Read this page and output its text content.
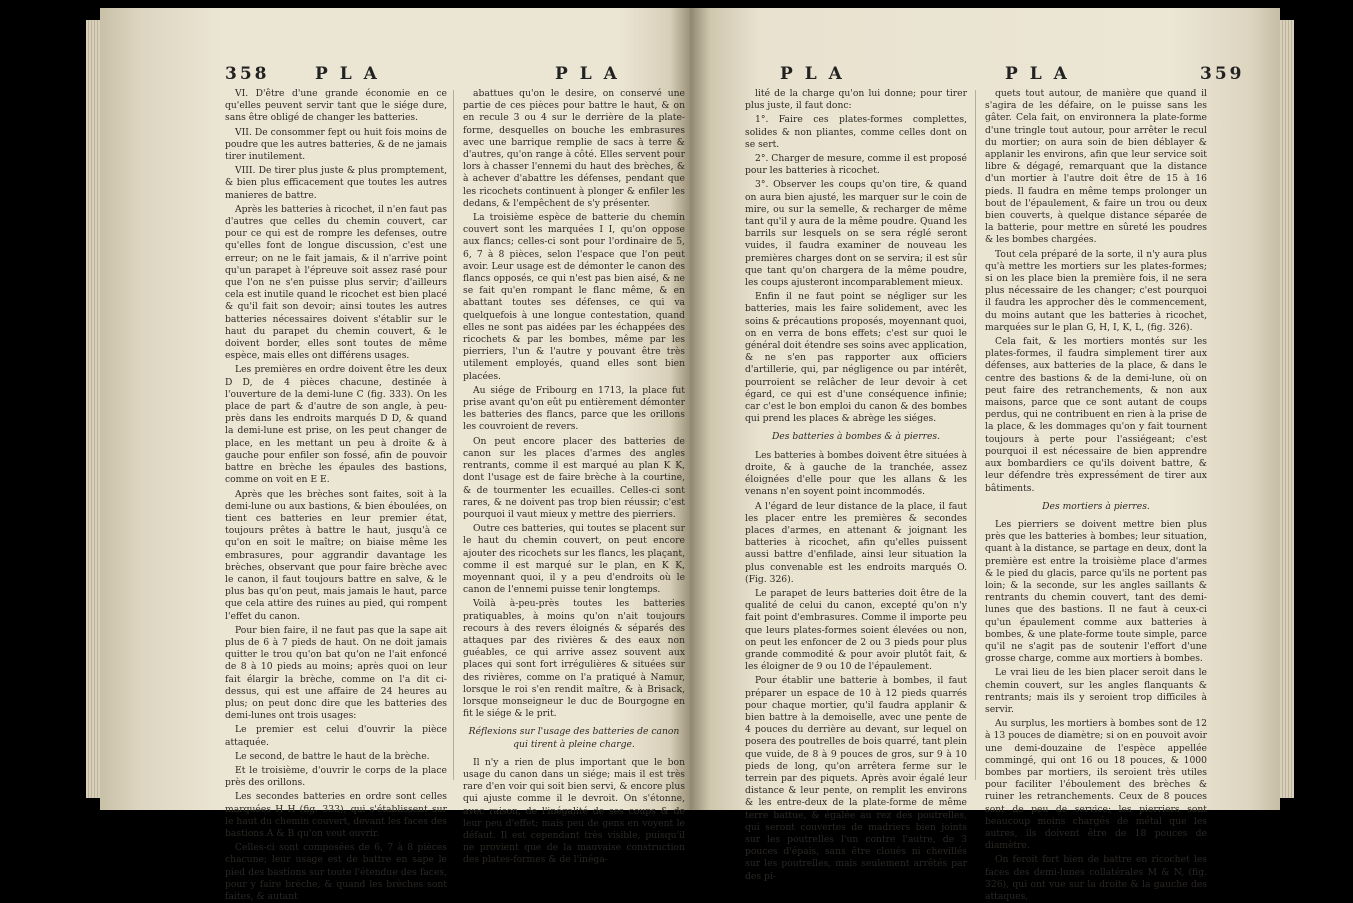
358	P L A	P L A

VI. D'être d'une grande économie en ce qu'elles peuvent servir tant que le siége dure, sans être obligé de changer les batteries.

VII. De consommer fept ou huit fois moins de poudre que les autres batteries, & de ne jamais tirer inutilement.

VIII. De tirer plus juste & plus promptement, & bien plus efficacement que toutes les autres manieres de battre.

Après les batteries à ricochet, il n'en faut pas d'autres que celles du chemin couvert, car pour ce qui est de rompre les defenses, outre qu'elles font de longue discussion, c'est une erreur; on ne le fait jamais, & il n'arrive point qu'un parapet à l'épreuve soit assez rasé pour que l'on ne s'en puisse plus servir; d'ailleurs cela est inutile quand le ricochet est bien placé & qu'il fait son devoir; ainsi toutes les autres batteries nécessaires doivent s'établir sur le haut du parapet du chemin couvert, & le doivent border, elles sont toutes de même espèce, mais elles ont différens usages.

Les premières en ordre doivent être les deux D D, de 4 pièces chacune, destinée à l'ouverture de la demi-lune C (fig. 333). On les place de part & d'autre de son angle, à peu-près dans les endroits marqués D D, & quand la demi-lune est prise, on les peut changer de place, en les mettant un peu à droite & à gauche pour enfiler son fossé, afin de pouvoir battre en brèche les épaules des bastions, comme on voit en E E.

Après que les brèches sont faites, soit à la demi-lune ou aux bastions, & bien éboulées, on tient ces batteries en leur premier état, toujours prêtes à battre le haut, jusqu'à ce qu'on en soit le maître; on biaise même les embrasures, pour aggrandir davantage les brèches, observant que pour faire brèche avec le canon, il faut toujours battre en salve, & le plus bas qu'on peut, mais jamais le haut, parce que cela attire des ruines au pied, qui rompent l'effet du canon.

Pour bien faire, il ne faut pas que la sape ait plus de 6 à 7 pieds de haut. On ne doit jamais quitter le trou qu'on bat qu'on ne l'ait enfoncé de 8 à 10 pieds au moins; après quoi on leur fait élargir la brèche, comme on l'a dit ci-dessus, qui est une affaire de 24 heures au plus; on peut donc dire que les batteries des demi-lunes ont trois usages:

Le premier est celui d'ouvrir la pièce attaquée.

Le second, de battre le haut de la brèche.

Et le troisième, d'ouvrir le corps de la place près des orillons.

Les secondes batteries en ordre sont celles marquées H H (fig. 333), qui s'établissent sur le haut du chemin couvert, devant les faces des bastions A & B qu'on veut ouvrir.

Celles-ci sont composées de 6, 7 à 8 pièces chacune; leur usage est de battre en sape le pied des bastions sur toute l'étendue des faces, pour y faire brèche, & quand les brèches sont faites, & autant

abattues qu'on le desire, on conservé une partie de ces pièces pour battre le haut, & on en recule 3 ou 4 sur le derrière de la plate-forme, desquelles on bouche les embrasures avec une barrique remplie de sacs à terre & d'autres, qu'on range à côté. Elles servent pour lors à chasser l'ennemi du haut des brèches, & à achever d'abattre les défenses, pendant que les ricochets continuent à plonger & enfiler les dedans, & l'empêchent de s'y présenter.

La troisième espèce de batterie du chemin couvert sont les marquées I I, qu'on oppose aux flancs; celles-ci sont pour l'ordinaire de 5, 6, 7 à 8 pièces, selon l'espace que l'on peut avoir. Leur usage est de démonter le canon des flancs opposés, ce qui n'est pas bien aisé, & ne se fait qu'en rompant le flanc même, & en abattant toutes ses défenses, ce qui va quelquefois à une longue contestation, quand elles ne sont pas aidées par les échappées des ricochets & par les bombes, même par les pierriers, l'un & l'autre y pouvant être très utilement employés, quand elles sont bien placées.

Au siége de Fribourg en 1713, la place fut prise avant qu'on eût pu entièrement démonter les batteries des flancs, parce que les orillons les couvroient de revers.

On peut encore placer des batteries de canon sur les places d'armes des angles rentrants, comme il est marqué au plan K K, dont l'usage est de faire brèche à la courtine, & de tourmenter les ecuailles. Celles-ci sont rares, & ne doivent pas trop bien réussir; c'est pourquoi il vaut mieux y mettre des pierriers.

Outre ces batteries, qui toutes se placent sur le haut du chemin couvert, on peut encore ajouter des ricochets sur les flancs, les plaçant, comme il est marqué sur le plan, en K K, moyennant quoi, il y a peu d'endroits où le canon de l'ennemi puisse tenir longtemps.

Voilà à-peu-près toutes les batteries pratiquables, à moins qu'on n'ait toujours recours à des revers éloignés & séparés des attaques par des rivières & des eaux non guéables, ce qui arrive assez souvent aux places qui sont fort irrégulières & situées sur des rivières, comme on l'a pratiqué à Namur, lorsque le roi s'en rendit maître, & à Brisack, lorsque monseigneur le duc de Bourgogne en fit le siége & le prit.

Réflexions sur l'usage des batteries de canon qui tirent à pleine charge.

Il n'y a rien de plus important que le bon usage du canon dans un siége; mais il est très rare d'en voir qui soit bien servi, & encore plus qui ajuste comme il le devroit. On s'étonne, avec raison, de l'inégalité de ses coups & de leur peu d'effet; mais peu de gens en voyent le défaut. Il est cependant très visible, puisqu'il ne provient que de la mauvaise construction des plates-formes & de l'inéga-

P L A	P L A	359

lité de la charge qu'on lui donne; pour tirer plus juste, il faut donc:

1°. Faire ces plates-formes complettes, solides & non pliantes, comme celles dont on se sert.

2°. Charger de mesure, comme il est proposé pour les batteries à ricochet.

3°. Observer les coups qu'on tire, & quand on aura bien ajusté, les marquer sur le coin de mire, ou sur la semelle, & recharger de même tant qu'il y aura de la même poudre. Quand les barrils sur lesquels on se sera réglé seront vuides, il faudra examiner de nouveau les premières charges dont on se servira; il est sûr que tant qu'on chargera de la même poudre, les coups ajusteront incomparablement mieux.

Enfin il ne faut point se négliger sur les batteries, mais les faire solidement, avec les soins & précautions proposés, moyennant quoi, on en verra de bons effets; c'est sur quoi le général doit étendre ses soins avec application, & ne s'en pas rapporter aux officiers d'artillerie, qui, par négligence ou par intérêt, pourroient se relâcher de leur devoir à cet égard, ce qui est d'une conséquence infinie; car c'est le bon emploi du canon & des bombes qui prend les places & abrège les siéges.

Des batteries à bombes & à pierres.

Les batteries à bombes doivent être situées à droite, & à gauche de la tranchée, assez éloignées d'elle pour que les allans & les venans n'en soyent point incommodés.

A l'égard de leur distance de la place, il faut les placer entre les premières & secondes places d'armes, en attenant & joignant les batteries à ricochet, afin qu'elles puissent aussi battre d'enfilade, ainsi leur situation la plus convenable est les endroits marqués O. (Fig. 326).

Le parapet de leurs batteries doit être de la qualité de celui du canon, excepté qu'on n'y fait point d'embrasures. Comme il importe peu que leurs plates-formes soient élevées ou non, on peut les enfoncer de 2 ou 3 pieds pour plus grande commodité & pour avoir plutôt fait, & les éloigner de 9 ou 10 de l'épaulement.

Pour établir une batterie à bombes, il faut préparer un espace de 10 à 12 pieds quarrés pour chaque mortier, qu'il faudra applanir & bien battre à la demoiselle, avec une pente de 4 pouces du derrière au devant, sur lequel on posera des poutrelles de bois quarré, tant plein que vuide, de 8 à 9 pouces de gros, sur 9 à 10 pieds de long, qu'on arrêtera ferme sur le terrein par des piquets. Après avoir égalé leur distance & leur pente, on remplit les environs & les entre-deux de la plate-forme de même terre battue, & égalée au rez des poutrelles, qui seront couvertes de madriers bien joints sur les poutrelles l'un contre l'autre, de 3 pouces d'épais, sans être cloués ni chevillés sur les poutrelles, mais seulement arrêtés par des pi-

quets tout autour, de manière que quand il s'agira de les défaire, on le puisse sans les gâter. Cela fait, on environnera la plate-forme d'une tringle tout autour, pour arrêter le recul du mortier; on aura soin de bien déblayer & applanir les environs, afin que leur service soit libre & dégagé, remarquant que la distance d'un mortier à l'autre doit être de 15 à 16 pieds. Il faudra en même temps prolonger un bout de l'épaulement, & faire un trou ou deux bien couverts, à quelque distance séparée de la batterie, pour mettre en sûreté les poudres & les bombes chargées.

Tout cela préparé de la sorte, il n'y aura plus qu'à mettre les mortiers sur les plates-formes; si on les place bien la première fois, il ne sera plus nécessaire de les changer; c'est pourquoi il faudra les approcher dès le commencement, du moins autant que les batteries à ricochet, marquées sur le plan G, H, I, K, L, (fig. 326).

Cela fait, & les mortiers montés sur les plates-formes, il faudra simplement tirer aux défenses, aux batteries de la place, & dans le centre des bastions & de la demi-lune, où on peut faire des retranchements, & non aux maisons, parce que ce sont autant de coups perdus, qui ne contribuent en rien à la prise de la place, & les dommages qu'on y fait tournent toujours à perte pour l'assiégeant; c'est pourquoi il est nécessaire de bien apprendre aux bombardiers ce qu'ils doivent battre, & leur défendre très expressément de tirer aux bâtiments.

Des mortiers à pierres.

Les pierriers se doivent mettre bien plus près que les batteries à bombes; leur situation, quant à la distance, se partage en deux, dont la première est entre la troisième place d'armes & le pied du glacis, parce qu'ils ne portent pas loin; & la seconde, sur les angles saillants & rentrants du chemin couvert, tant des demi-lunes que des bastions. Il ne faut à ceux-ci qu'un épaulement comme aux batteries à bombes, & une plate-forme toute simple, parce qu'il ne s'agit pas de soutenir l'effort d'une grosse charge, comme aux mortiers à bombes.

Le vrai lieu de les bien placer seroit dans le chemin couvert, sur les angles flanquants & rentrants; mais ils y seroient trop difficiles à servir.

Au surplus, les mortiers à bombes sont de 12 à 13 pouces de diamètre; si on en pouvoit avoir une demi-douzaine de l'espèce appellée commingé, qui ont 16 ou 18 pouces, & 1000 bombes par mortiers, ils seroient très utiles pour faciliter l'éboulement des brèches & ruiner les retranchements. Ceux de 8 pouces sont de peu de service; les pierriers sont beaucoup moins chargés de métal que les autres, ils doivent être de 18 pouces de diamètre.

On feroit fort bien de battre en ricochet les faces des demi-lunes collatérales M & N, (fig. 326), qui ont vue sur la droite & la gauche des attaques,
